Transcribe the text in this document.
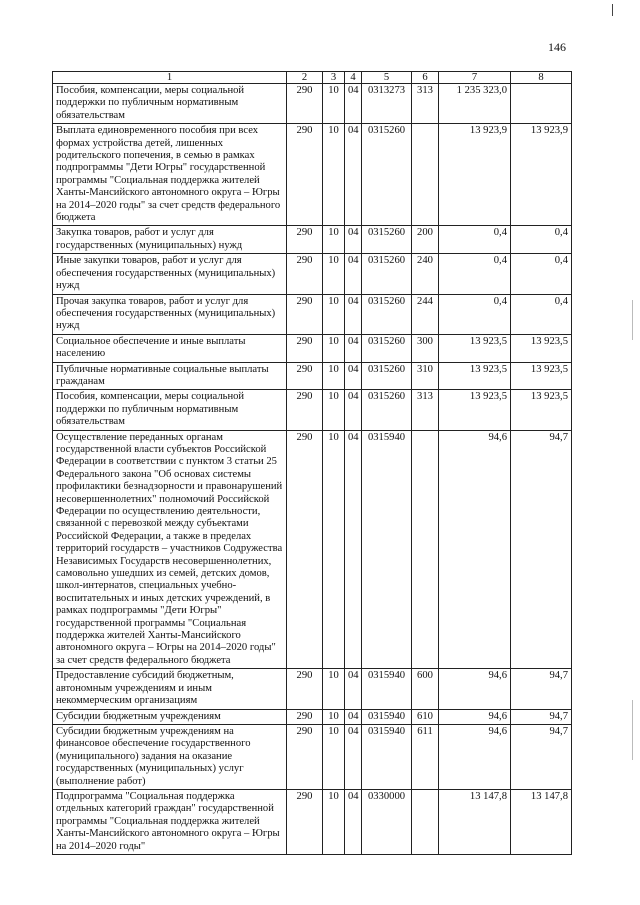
146
1	2	3	4	5	6	7	8
Пособия, компенсации, меры социальной поддержки по публичным нормативным обязательствам	290	10	04	0313273	313	1 235 323,0	
Выплата единовременного пособия при всех формах устройства детей, лишенных родительского попечения, в семью в рамках подпрограммы "Дети Югры" государственной программы "Социальная поддержка жителей Ханты-Мансийского автономного округа – Югры на 2014–2020 годы" за счет средств федерального бюджета	290	10	04	0315260		13 923,9	13 923,9
Закупка товаров, работ и услуг для государственных (муниципальных) нужд	290	10	04	0315260	200	0,4	0,4
Иные закупки товаров, работ и услуг для обеспечения государственных (муниципальных) нужд	290	10	04	0315260	240	0,4	0,4
Прочая закупка товаров, работ и услуг для обеспечения государственных (муниципальных) нужд	290	10	04	0315260	244	0,4	0,4
Социальное обеспечение и иные выплаты населению	290	10	04	0315260	300	13 923,5	13 923,5
Публичные нормативные социальные выплаты гражданам	290	10	04	0315260	310	13 923,5	13 923,5
Пособия, компенсации, меры социальной поддержки по публичным нормативным обязательствам	290	10	04	0315260	313	13 923,5	13 923,5
Осуществление переданных органам государственной власти субъектов Российской Федерации в соответствии с пунктом 3 статьи 25 Федерального закона "Об основах системы профилактики безнадзорности и правонарушений несовершеннолетних" полномочий Российской Федерации по осуществлению деятельности, связанной с перевозкой между субъектами Российской Федерации, а также в пределах территорий государств – участников Содружества Независимых Государств несовершеннолетних, самовольно ушедших из семей, детских домов, школ-интернатов, специальных учебно-воспитательных и иных детских учреждений, в рамках подпрограммы "Дети Югры" государственной программы "Социальная поддержка жителей Ханты-Мансийского автономного округа – Югры на 2014–2020 годы" за счет средств федерального бюджета	290	10	04	0315940		94,6	94,7
Предоставление субсидий бюджетным, автономным учреждениям и иным некоммерческим организациям	290	10	04	0315940	600	94,6	94,7
Субсидии бюджетным учреждениям	290	10	04	0315940	610	94,6	94,7
Субсидии бюджетным учреждениям на финансовое обеспечение государственного (муниципального) задания на оказание государственных (муниципальных) услуг (выполнение работ)	290	10	04	0315940	611	94,6	94,7
Подпрограмма "Социальная поддержка отдельных категорий граждан" государственной программы "Социальная поддержка жителей Ханты-Мансийского автономного округа – Югры на 2014–2020 годы"	290	10	04	0330000		13 147,8	13 147,8
